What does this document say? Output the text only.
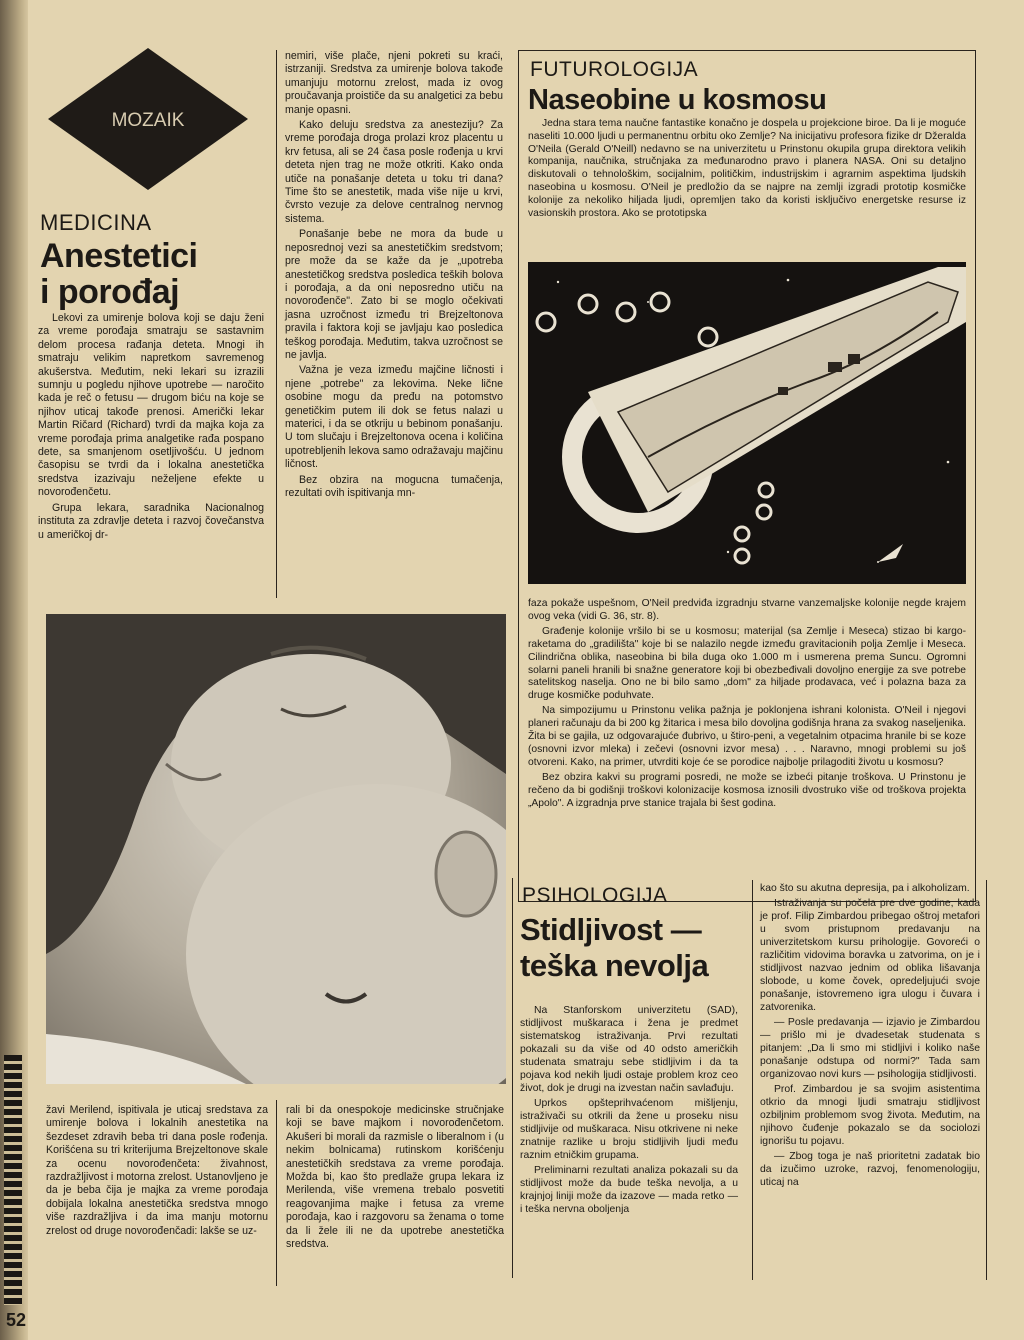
52
MOZAIK
MEDICINA
Anestetici
i porođaj

Lekovi za umirenje bolova koji se daju ženi za vreme porođaja smatraju se sastavnim delom procesa rađanja deteta. Mnogi ih smatraju velikim napretkom savremenog akušerstva. Međutim, neki lekari su izrazili sumnju u pogledu njihove upotrebe — naročito kada je reč o fetusu — drugom biću na koje se njihov uticaj takođe prenosi. Američki lekar Martin Ričard (Richard) tvrdi da majka koja za vreme porođaja prima analgetike rađa pospano dete, sa smanjenom osetljivošću. U jednom časopisu se tvrdi da i lokalna anestetička sredstva izazivaju neželjene efekte u novorođenčetu.

Grupa lekara, saradnika Nacionalnog instituta za zdravlje deteta i razvoj čovečanstva u američkoj dr-

nemiri, više plače, njeni pokreti su kraći, istrzaniji. Sredstva za umirenje bolova takođe umanjuju motornu zrelost, mada iz ovog proučavanja proističe da su analgetici za bebu manje opasni.

Kako deluju sredstva za anesteziju? Za vreme porođaja droga prolazi kroz placentu u krv fetusa, ali se 24 časa posle rođenja u krvi deteta njen trag ne može otkriti. Kako onda utiče na ponašanje deteta u toku tri dana? Time što se anestetik, mada više nije u krvi, čvrsto vezuje za delove centralnog nervnog sistema.

Ponašanje bebe ne mora da bude u neposrednoj vezi sa anestetičkim sredstvom; pre može da se kaže da je „upotreba anestetičkog sredstva posledica teških bolova i porođaja, a da oni neposredno utiču na novorođenče". Zato bi se moglo očekivati jasna uzročnost između tri Brejzeltonova pravila i faktora koji se javljaju kao posledica teškog porođaja. Međutim, takva uzročnost se ne javlja.

Važna je veza između majčine ličnosti i njene „potrebe" za lekovima. Neke lične osobine mogu da pređu na potomstvo genetičkim putem ili dok se fetus nalazi u materici, i da se otkriju u bebinom ponašanju. U tom slučaju i Brejzeltonova ocena i količina upotrebljenih lekova samo odražavaju majčinu ličnost.

Bez obzira na mogucna tumačenja, rezultati ovih ispitivanja mn-

žavi Merilend, ispitivala je uticaj sredstava za umirenje bolova i lokalnih anestetika na šezdeset zdravih beba tri dana posle rođenja. Korišćena su tri kriterijuma Brejzeltonove skale za ocenu novorođenčeta: živahnost, razdražljivost i motorna zrelost. Ustanovljeno je da je beba čija je majka za vreme porođaja dobijala lokalna anestetička sredstva mnogo više razdražljiva i da ima manju motornu zrelost od druge novorođenčadi: lakše se uz-

rali bi da onespokoje medicinske stručnjake koji se bave majkom i novorođenčetom. Akušeri bi morali da razmisle o liberalnom i (u nekim bolnicama) rutinskom korišćenju anestetičkih sredstava za vreme porođaja. Možda bi, kao što predlaže grupa lekara iz Merilenda, više vremena trebalo posvetiti reagovanjima majke i fetusa za vreme porođaja, kao i razgovoru sa ženama o tome da li žele ili ne da upotrebe anestetička sredstva.

FUTUROLOGIJA
Naseobine u kosmosu

Jedna stara tema naučne fantastike konačno je dospela u projekcione biroe. Da li je moguće naseliti 10.000 ljudi u permanentnu orbitu oko Zemlje? Na inicijativu profesora fizike dr Džeralda O'Neila (Gerald O'Neill) nedavno se na univerzitetu u Prinstonu okupila grupa direktora velikih kompanija, naučnika, stručnjaka za međunarodno pravo i planera NASA. Oni su detaljno diskutovali o tehnološkim, socijalnim, političkim, industrijskim i agrarnim aspektima ljudskih naseobina u kosmosu. O'Neil je predložio da se najpre na zemlji izgradi prototip kosmičke kolonije za nekoliko hiljada ljudi, opremljen tako da koristi isključivo energetske resurse iz vasionskih prostora. Ako se prototipska

faza pokaže uspešnom, O'Neil predviđa izgradnju stvarne vanzemaljske kolonije negde krajem ovog veka (vidi G. 36, str. 8).

Građenje kolonije vršilo bi se u kosmosu; materijal (sa Zemlje i Meseca) stizao bi kargo-raketama do „gradilišta" koje bi se nalazilo negde između gravitacionih polja Zemlje i Meseca. Cilindrična oblika, naseobina bi bila duga oko 1.000 m i usmerena prema Suncu. Ogromni solarni paneli hranili bi snažne generatore koji bi obezbeđivali dovoljno energije za sve potrebe satelitskog naselja. Ono ne bi bilo samo „dom" za hiljade prodavaca, već i polazna baza za druge kosmičke poduhvate.

Na simpozijumu u Prinstonu velika pažnja je poklonjena ishrani kolonista. O'Neil i njegovi planeri računaju da bi 200 kg žitarica i mesa bilo dovoljna godišnja hrana za svakog naseljenika. Žita bi se gajila, uz odgovarajuće đubrivo, u štiro-peni, a vegetalnim otpacima hranile bi se koze (osnovni izvor mleka) i zečevi (osnovni izvor mesa) . . . Naravno, mnogi problemi su još otvoreni. Kako, na primer, utvrditi koje će se porodice najbolje prilagoditi životu u kosmosu?

Bez obzira kakvi su programi posredi, ne može se izbeći pitanje troškova. U Prinstonu je rečeno da bi godišnji troškovi kolonizacije kosmosa iznosili dvostruko više od troškova projekta „Apolo". A izgradnja prve stanice trajala bi šest godina.

PSIHOLOGIJA
Stidljivost —
teška nevolja

Na Stanforskom univerzitetu (SAD), stidljivost muškaraca i žena je predmet sistematskog istraživanja. Prvi rezultati pokazali su da više od 40 odsto američkih studenata smatraju sebe stidljivim i da ta pojava kod nekih ljudi ostaje problem kroz ceo život, dok je drugi na izvestan način savlađuju.

Uprkos opšteprihvaćenom mišljenju, istraživači su otkrili da žene u proseku nisu stidljivije od muškaraca. Nisu otkrivene ni neke znatnije razlike u broju stidljivih ljudi među raznim etničkim grupama.

Preliminarni rezultati analiza pokazali su da stidljivost može da bude teška nevolja, a u krajnjoj liniji može da izazove — mada retko — i teška nervna oboljenja

kao što su akutna depresija, pa i alkoholizam.

Istraživanja su počela pre dve godine, kada je prof. Filip Zimbardou pribegao oštroj metafori u svom pristupnom predavanju na univerzitetskom kursu prihologije. Govoreći o različitim vidovima boravka u zatvorima, on je i stidljivost nazvao jednim od oblika lišavanja slobode, u kome čovek, opredeljujući svoje ponašanje, istovremeno igra ulogu i čuvara i zatvorenika.

— Posle predavanja — izjavio je Zimbardou — prišlo mi je dvadesetak studenata s pitanjem: „Da li smo mi stidljivi i koliko naše ponašanje odstupa od normi?" Tada sam organizovao novi kurs — psihologija stidljivosti.

Prof. Zimbardou je sa svojim asistentima otkrio da mnogi ljudi smatraju stidljivost ozbiljnim problemom svog života. Međutim, na njihovo čuđenje pokazalo se da sociolozi ignorišu tu pojavu.

— Zbog toga je naš prioritetni zadatak bio da izučimo uzroke, razvoj, fenomenologiju, uticaj na
